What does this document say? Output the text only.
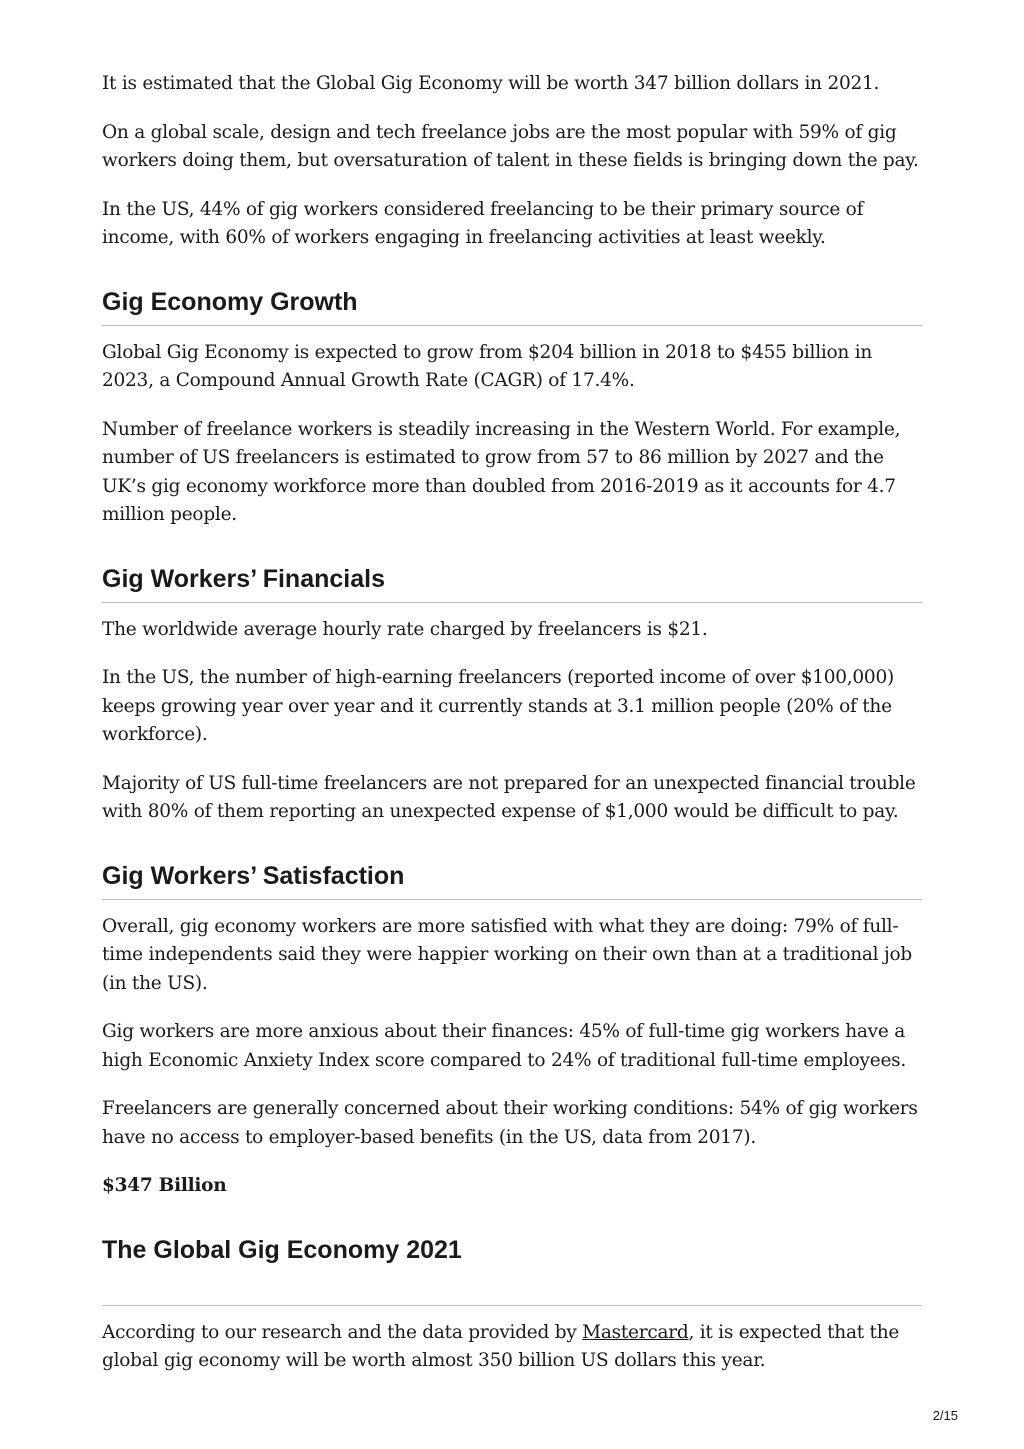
It is estimated that the Global Gig Economy will be worth 347 billion dollars in 2021.

On a global scale, design and tech freelance jobs are the most popular with 59% of gig workers doing them, but oversaturation of talent in these fields is bringing down the pay.

In the US, 44% of gig workers considered freelancing to be their primary source of income, with 60% of workers engaging in freelancing activities at least weekly.

Gig Economy Growth

Global Gig Economy is expected to grow from $204 billion in 2018 to $455 billion in 2023, a Compound Annual Growth Rate (CAGR) of 17.4%.

Number of freelance workers is steadily increasing in the Western World. For example, number of US freelancers is estimated to grow from 57 to 86 million by 2027 and the UK’s gig economy workforce more than doubled from 2016-2019 as it accounts for 4.7 million people.

Gig Workers’ Financials

The worldwide average hourly rate charged by freelancers is $21.

In the US, the number of high-earning freelancers (reported income of over $100,000) keeps growing year over year and it currently stands at 3.1 million people (20% of the workforce).

Majority of US full-time freelancers are not prepared for an unexpected financial trouble with 80% of them reporting an unexpected expense of $1,000 would be difficult to pay.

Gig Workers’ Satisfaction

Overall, gig economy workers are more satisfied with what they are doing: 79% of full-time independents said they were happier working on their own than at a traditional job (in the US).

Gig workers are more anxious about their finances: 45% of full-time gig workers have a high Economic Anxiety Index score compared to 24% of traditional full-time employees.

Freelancers are generally concerned about their working conditions: 54% of gig workers have no access to employer-based benefits (in the US, data from 2017).

$347 Billion

The Global Gig Economy 2021

According to our research and the data provided by Mastercard, it is expected that the global gig economy will be worth almost 350 billion US dollars this year.

2/15
